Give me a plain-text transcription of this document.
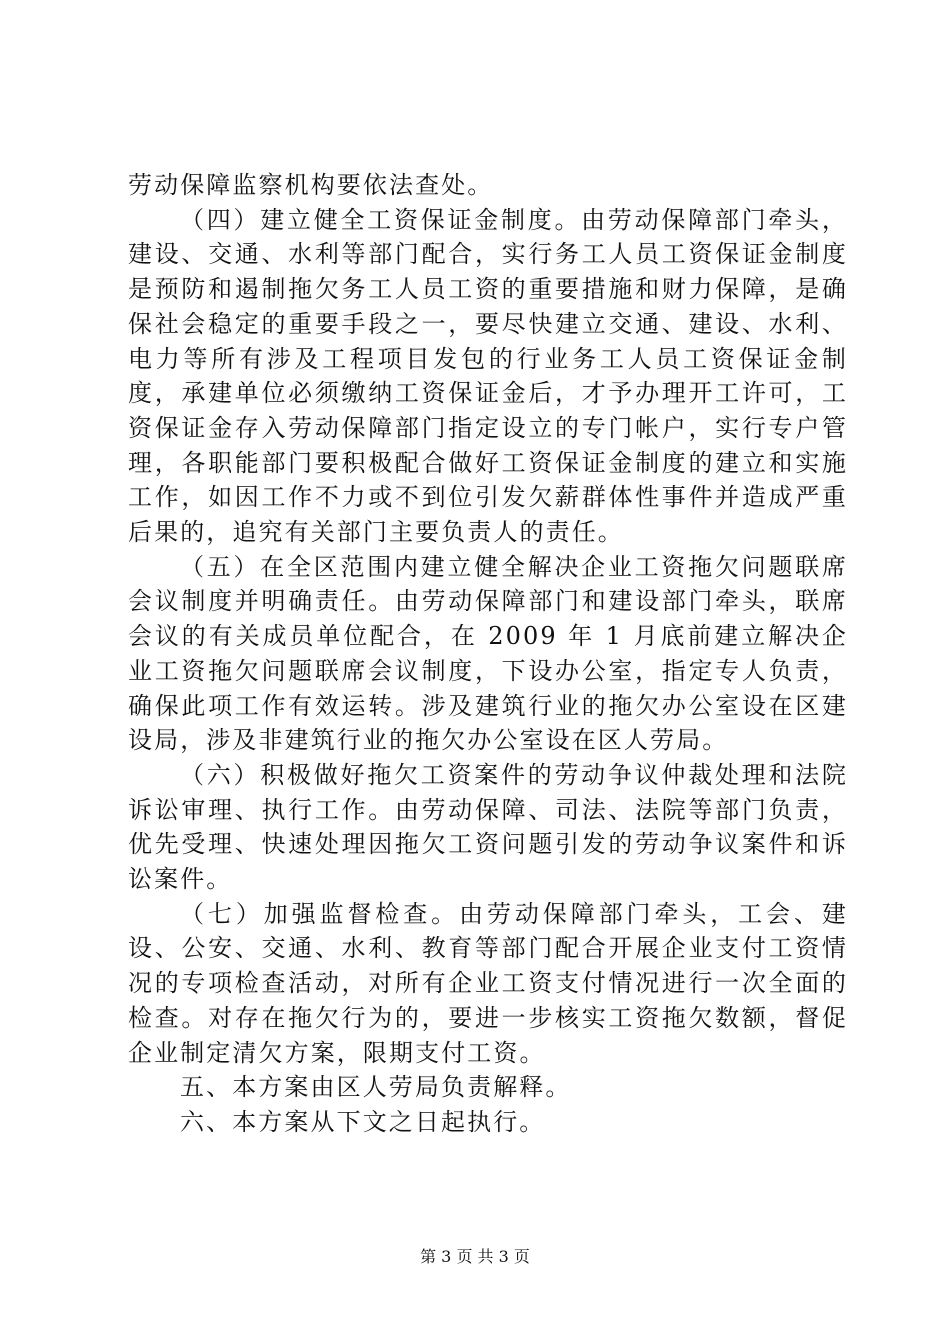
劳动保障监察机构要依法查处。

（四）建立健全工资保证金制度。由劳动保障部门牵头，建设、交通、水利等部门配合，实行务工人员工资保证金制度是预防和遏制拖欠务工人员工资的重要措施和财力保障，是确保社会稳定的重要手段之一，要尽快建立交通、建设、水利、电力等所有涉及工程项目发包的行业务工人员工资保证金制度，承建单位必须缴纳工资保证金后，才予办理开工许可，工资保证金存入劳动保障部门指定设立的专门帐户，实行专户管理，各职能部门要积极配合做好工资保证金制度的建立和实施工作，如因工作不力或不到位引发欠薪群体性事件并造成严重后果的，追究有关部门主要负责人的责任。

（五）在全区范围内建立健全解决企业工资拖欠问题联席会议制度并明确责任。由劳动保障部门和建设部门牵头，联席会议的有关成员单位配合，在 2009 年 1 月底前建立解决企业工资拖欠问题联席会议制度，下设办公室，指定专人负责，确保此项工作有效运转。涉及建筑行业的拖欠办公室设在区建设局，涉及非建筑行业的拖欠办公室设在区人劳局。

（六）积极做好拖欠工资案件的劳动争议仲裁处理和法院诉讼审理、执行工作。由劳动保障、司法、法院等部门负责，优先受理、快速处理因拖欠工资问题引发的劳动争议案件和诉讼案件。

（七）加强监督检查。由劳动保障部门牵头，工会、建设、公安、交通、水利、教育等部门配合开展企业支付工资情况的专项检查活动，对所有企业工资支付情况进行一次全面的检查。对存在拖欠行为的，要进一步核实工资拖欠数额，督促企业制定清欠方案，限期支付工资。

五、本方案由区人劳局负责解释。

六、本方案从下文之日起执行。

第 3 页 共 3 页
